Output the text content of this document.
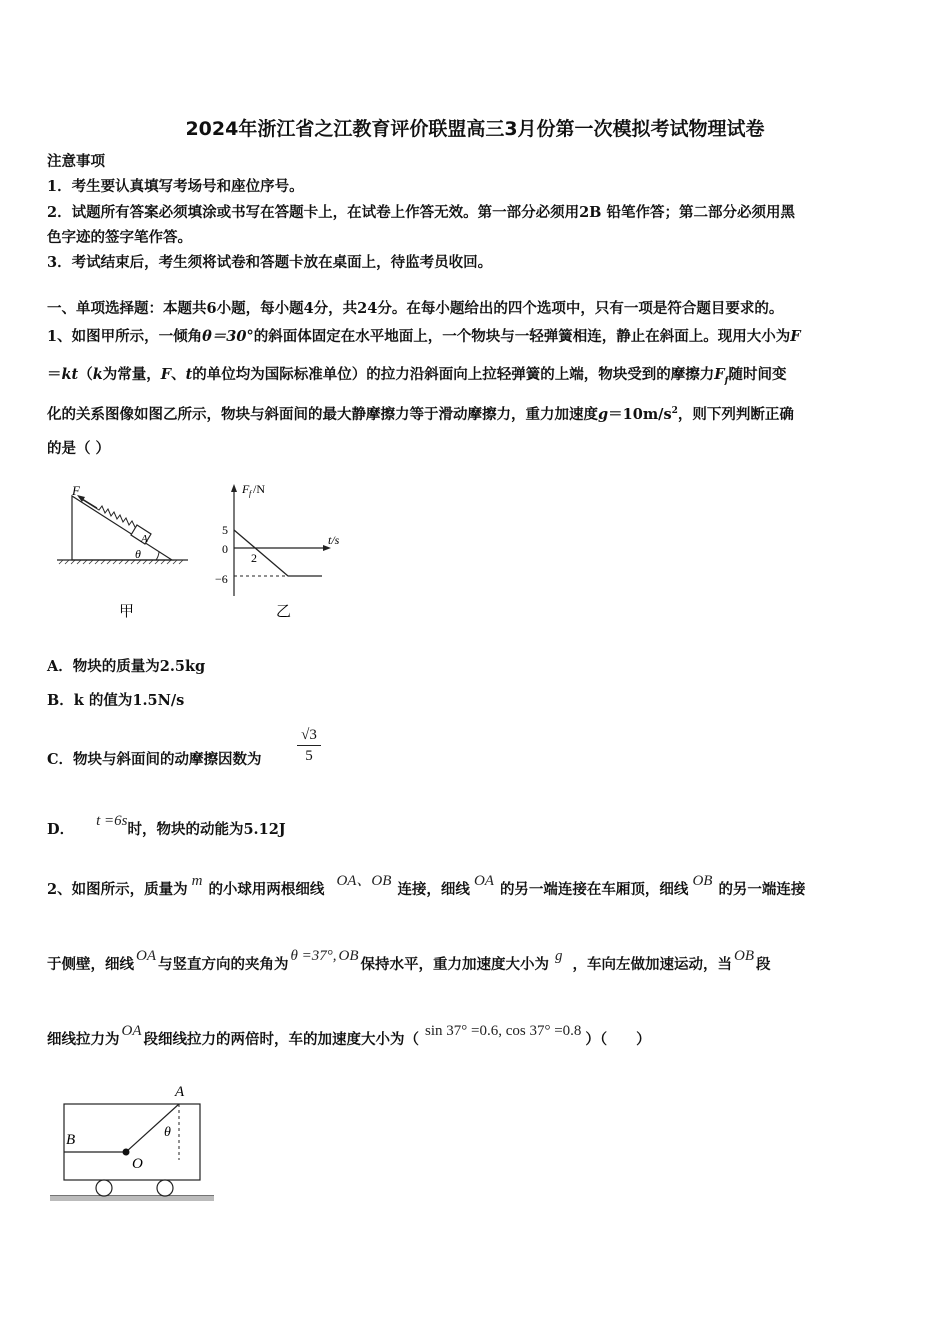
2024年浙江省之江教育评价联盟高三3月份第一次模拟考试物理试卷
注意事项
1．考生要认真填写考场号和座位序号。
2．试题所有答案必须填涂或书写在答题卡上，在试卷上作答无效。第一部分必须用2B 铅笔作答；第二部分必须用黑
色字迹的签字笔作答。
3．考试结束后，考生须将试卷和答题卡放在桌面上，待监考员收回。
一、单项选择题：本题共6小题，每小题4分，共24分。在每小题给出的四个选项中，只有一项是符合题目要求的。
1、如图甲所示，一倾角θ＝30°的斜面体固定在水平地面上，一个物块与一轻弹簧相连，静止在斜面上。现用大小为F
＝kt（k为常量，F、t的单位均为国际标准单位）的拉力沿斜面向上拉轻弹簧的上端，物块受到的摩擦力$F_f$随时间变
化的关系图像如图乙所示，物块与斜面间的最大静摩擦力等于滑动摩擦力，重力加速度$g=10m/s^2$，则下列判断正确
的是（ ）
F
A
θ
甲
F f /N
t/s
5
0
−6
2
乙
A．物块的质量为2.5kg
B．k 的值为1.5N/s
C．物块与斜面间的动摩擦因数为 $\frac{√3}{5}$
D． t =6s时，物块的动能为5.12J
2、如图所示，质量为 m 的小球用两根细线 OA、OB 连接，细线 OA 的另一端连接在车厢顶，细线 OB 的另一端连接
于侧壁，细线 OA 与竖直方向的夹角为 θ =37°, OB 保持水平，重力加速度大小为 g ，车向左做加速运动，当 OB 段
细线拉力为 OA 段细线拉力的两倍时，车的加速度大小为（ sin 37° =0.6, cos 37° =0.8 ）（　　）
A
B
O
θ
